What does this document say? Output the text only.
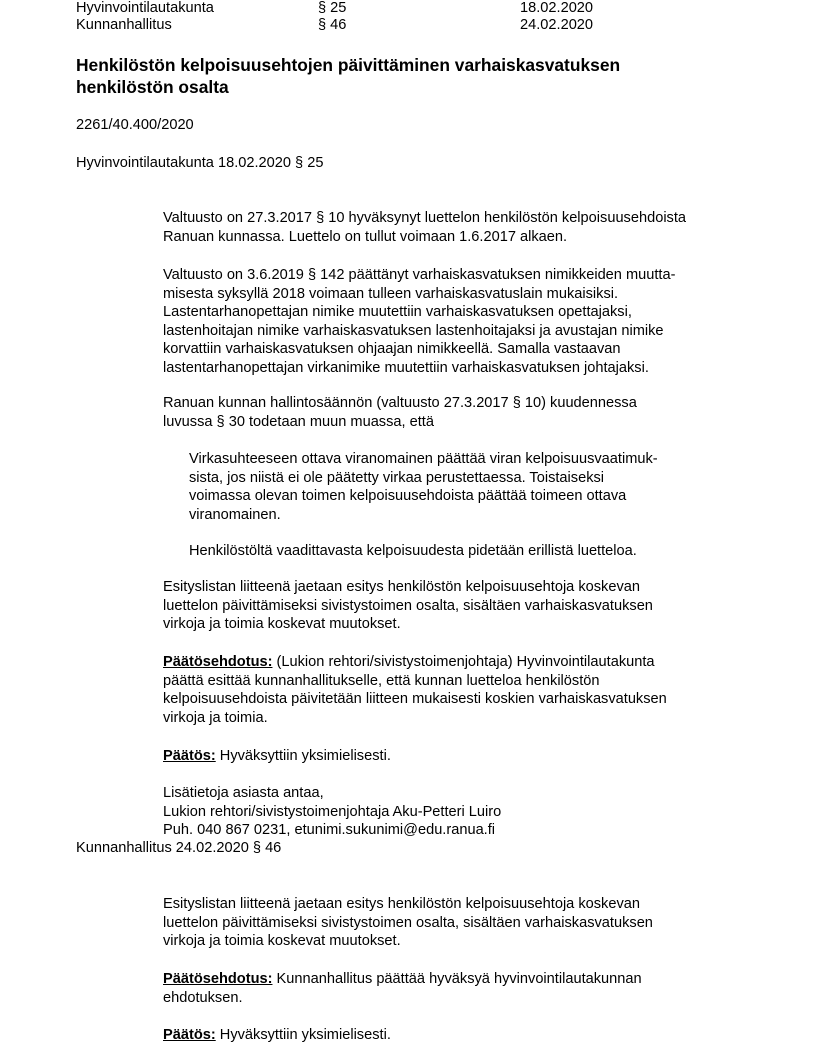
Hyvinvointilautakunta	§ 25	18.02.2020
Kunnanhallitus	§ 46	24.02.2020
Henkilöstön kelpoisuusehtojen päivittäminen varhaiskasvatuksen
henkilöstön osalta
2261/40.400/2020
Hyvinvointilautakunta 18.02.2020 § 25
Valtuusto on 27.3.2017 § 10 hyväksynyt luettelon henkilöstön kelpoisuusehdoista
Ranuan kunnassa. Luettelo on tullut voimaan 1.6.2017 alkaen.
Valtuusto on 3.6.2019 § 142 päättänyt varhaiskasvatuksen nimikkeiden muutta-
misesta syksyllä 2018 voimaan tulleen varhaiskasvatuslain mukaisiksi.
Lastentarhanopettajan nimike muutettiin varhaiskasvatuksen opettajaksi,
lastenhoitajan nimike varhaiskasvatuksen lastenhoitajaksi ja avustajan nimike
korvattiin varhaiskasvatuksen ohjaajan nimikkeellä. Samalla vastaavan
lastentarhanopettajan virkanimike muutettiin varhaiskasvatuksen johtajaksi.
Ranuan kunnan hallintosäännön (valtuusto 27.3.2017 § 10) kuudennessa
luvussa § 30 todetaan muun muassa, että
Virkasuhteeseen ottava viranomainen päättää viran kelpoisuusvaatimuk-
sista, jos niistä ei ole päätetty virkaa perustettaessa. Toistaiseksi
voimassa olevan toimen kelpoisuusehdoista päättää toimeen ottava
viranomainen.
Henkilöstöltä vaadittavasta kelpoisuudesta pidetään erillistä luetteloa.
Esityslistan liitteenä jaetaan esitys henkilöstön kelpoisuusehtoja koskevan
luettelon päivittämiseksi sivistystoimen osalta, sisältäen varhaiskasvatuksen
virkoja ja toimia koskevat muutokset.
Päätösehdotus: (Lukion rehtori/sivistystoimenjohtaja) Hyvinvointilautakunta
päättä esittää kunnanhallitukselle, että kunnan luetteloa henkilöstön
kelpoisuusehdoista päivitetään liitteen mukaisesti koskien varhaiskasvatuksen
virkoja ja toimia.
Päätös: Hyväksyttiin yksimielisesti.
Lisätietoja asiasta antaa,
Lukion rehtori/sivistystoimenjohtaja Aku-Petteri Luiro
Puh. 040 867 0231, etunimi.sukunimi@edu.ranua.fi
Kunnanhallitus 24.02.2020 § 46
Esityslistan liitteenä jaetaan esitys henkilöstön kelpoisuusehtoja koskevan
luettelon päivittämiseksi sivistystoimen osalta, sisältäen varhaiskasvatuksen
virkoja ja toimia koskevat muutokset.
Päätösehdotus: Kunnanhallitus päättää hyväksyä hyvinvointilautakunnan
ehdotuksen.
Päätös: Hyväksyttiin yksimielisesti.
